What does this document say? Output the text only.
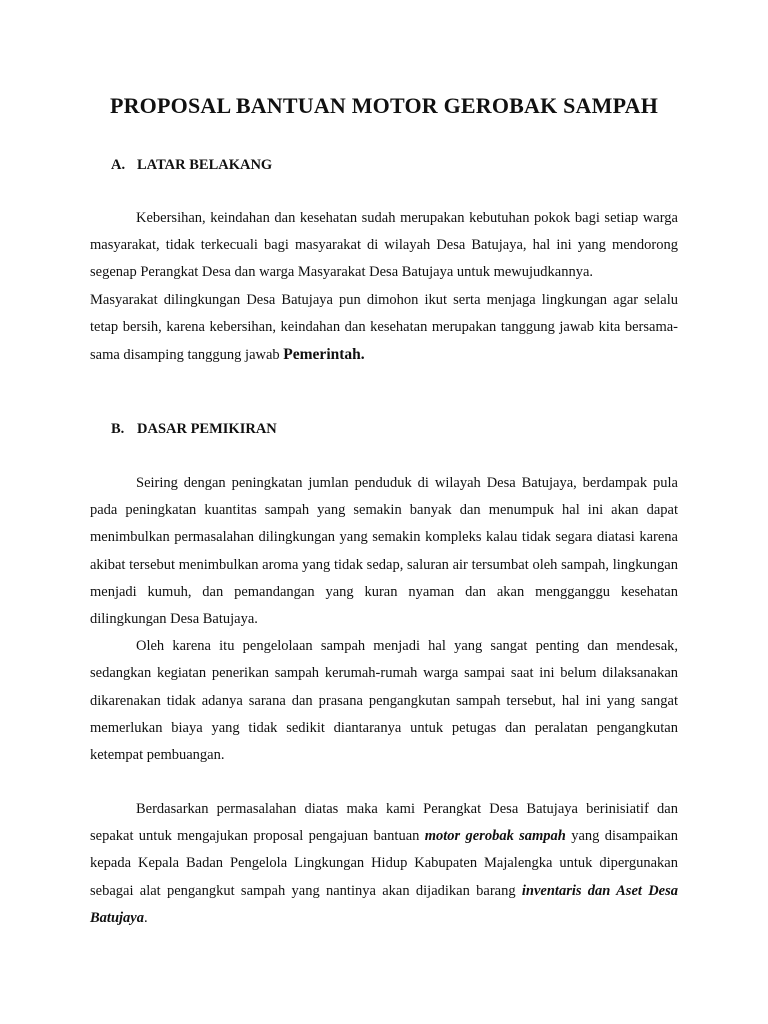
PROPOSAL BANTUAN MOTOR GEROBAK SAMPAH
A. LATAR BELAKANG

Kebersihan, keindahan dan kesehatan sudah merupakan kebutuhan pokok bagi setiap warga masyarakat, tidak terkecuali bagi masyarakat di wilayah Desa Batujaya, hal ini yang mendorong segenap Perangkat Desa dan warga Masyarakat Desa Batujaya untuk mewujudkannya.

Masyarakat dilingkungan Desa Batujaya pun dimohon ikut serta menjaga lingkungan agar selalu tetap bersih, karena kebersihan, keindahan dan kesehatan merupakan tanggung jawab kita bersama-sama disamping tanggung jawab Pemerintah.

B. DASAR PEMIKIRAN

Seiring dengan peningkatan jumlan penduduk di wilayah Desa Batujaya, berdampak pula pada peningkatan kuantitas sampah yang semakin banyak dan menumpuk hal ini akan dapat menimbulkan permasalahan dilingkungan yang semakin kompleks kalau tidak segara diatasi karena akibat tersebut menimbulkan aroma yang tidak sedap, saluran air tersumbat oleh sampah, lingkungan menjadi kumuh, dan pemandangan yang kuran nyaman dan akan mengganggu kesehatan dilingkungan Desa Batujaya.

Oleh karena itu pengelolaan sampah menjadi hal yang sangat penting dan mendesak, sedangkan kegiatan penerikan sampah kerumah-rumah warga sampai saat ini belum dilaksanakan dikarenakan tidak adanya sarana dan prasana pengangkutan sampah tersebut, hal ini yang sangat memerlukan biaya yang tidak sedikit diantaranya untuk petugas dan peralatan pengangkutan ketempat pembuangan.

Berdasarkan permasalahan diatas maka kami Perangkat Desa Batujaya berinisiatif dan sepakat untuk mengajukan proposal pengajuan bantuan motor gerobak sampah yang disampaikan kepada Kepala Badan Pengelola Lingkungan Hidup Kabupaten Majalengka untuk dipergunakan sebagai alat pengangkut sampah yang nantinya akan dijadikan barang inventaris dan Aset Desa Batujaya.
